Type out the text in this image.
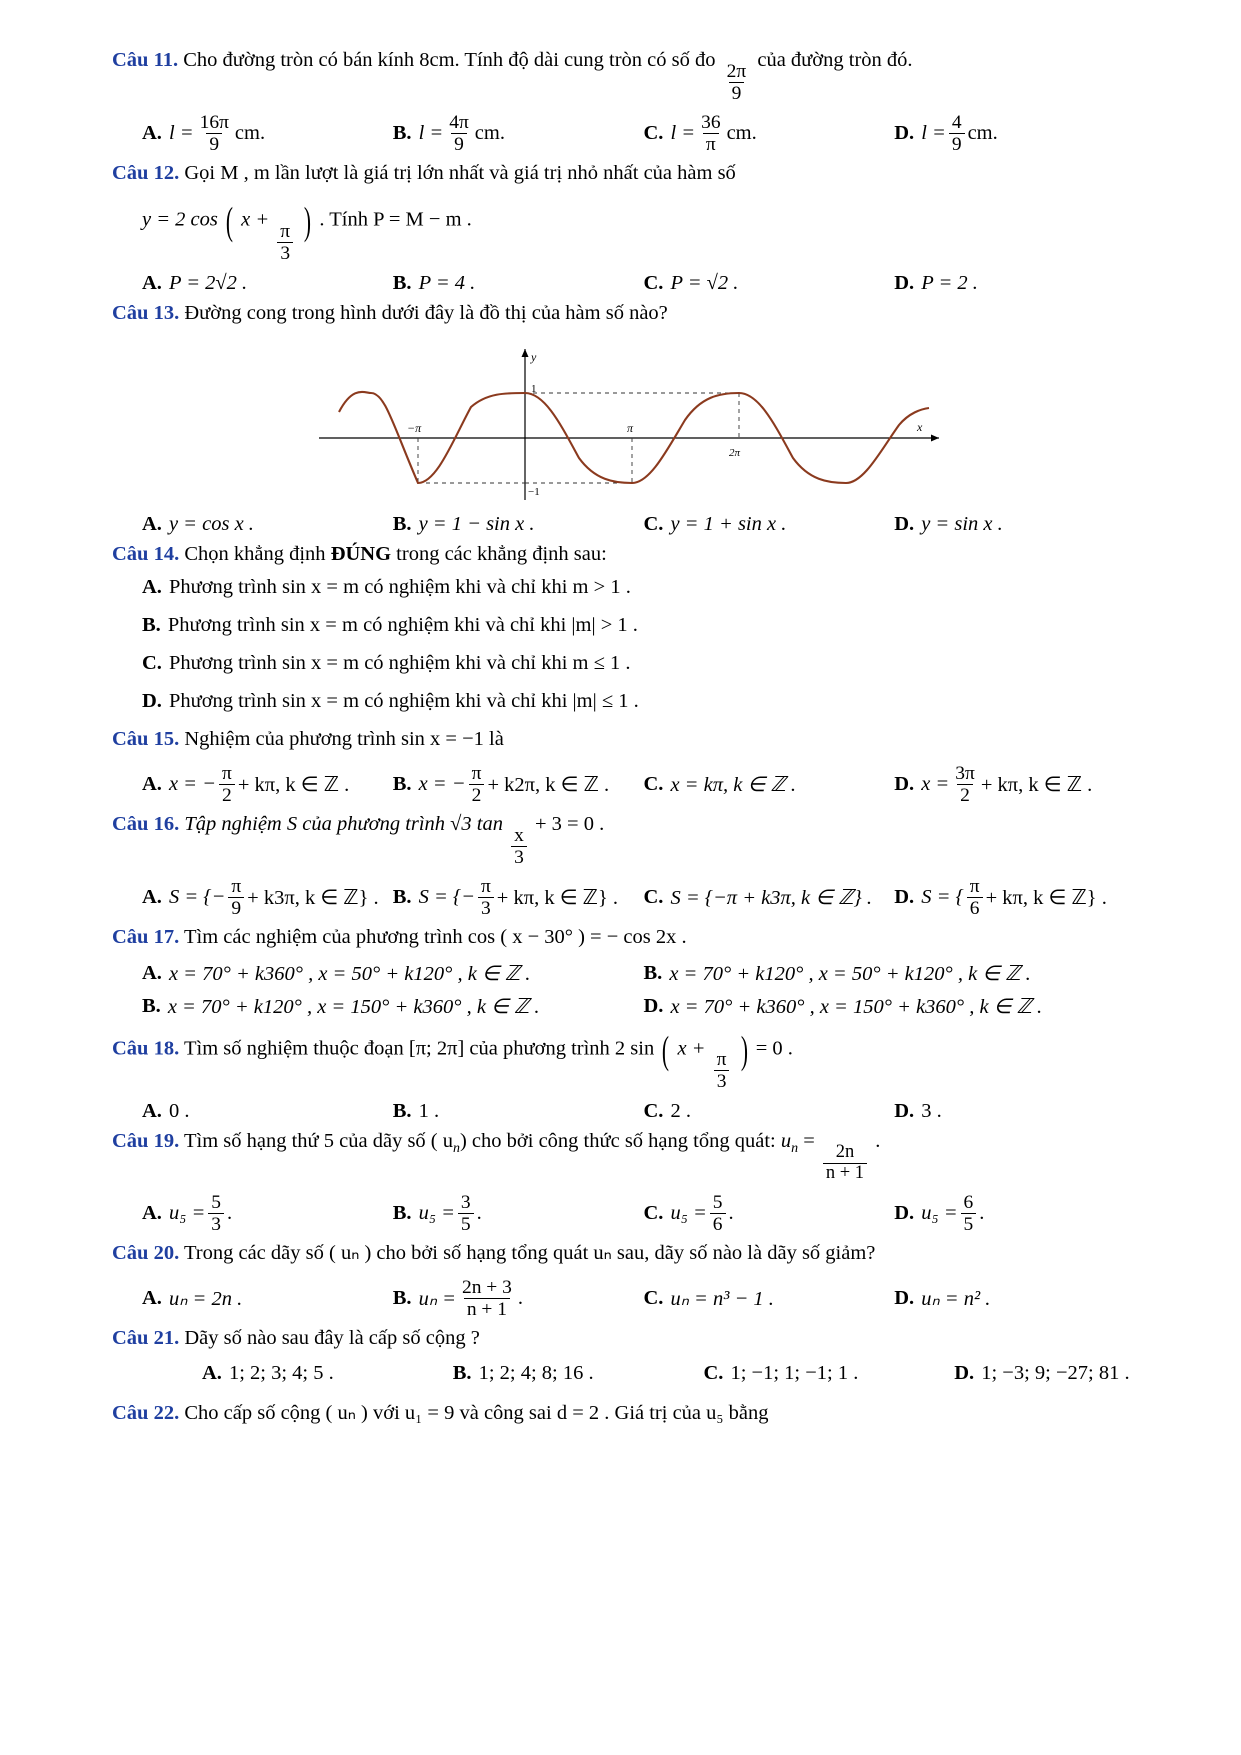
Câu 11. Cho đường tròn có bán kính 8cm. Tính độ dài cung tròn có số đo
$\frac{2\pi}{9}$
của đường tròn đó.
A. $l = \frac{16\pi}{9}$ cm.	B. $l = \frac{4\pi}{9}$ cm.	C. $l = \frac{36}{\pi}$ cm.	D. $l = \frac{4}{9}$ cm.
Câu 12. Gọi M , m lần lượt là giá trị lớn nhất và giá trị nhỏ nhất của hàm số
y = 2 cos ( x +
$\frac{\pi}{3}$ ) . Tính P = M − m .
A. P = 2√2 .	B. P = 4 .	C. P = √2 .	D. P = 2 .
Câu 13. Đường cong trong hình dưới đây là đồ thị của hàm số nào?
1
−1
−π	π
2π
x
y
A. y = cos x .	B. y = 1 − sin x .	C. y = 1 + sin x .	D. y = sin x .
Câu 14. Chọn khẳng định ĐÚNG trong các khẳng định sau:
A. Phương trình sin x = m có nghiệm khi và chỉ khi m > 1 .
B. Phương trình sin x = m có nghiệm khi và chỉ khi |m| > 1 .
C. Phương trình sin x = m có nghiệm khi và chỉ khi m ≤ 1 .
D. Phương trình sin x = m có nghiệm khi và chỉ khi |m| ≤ 1 .
Câu 15. Nghiệm của phương trình sin x = −1 là
A. x = − $\frac{\pi}{2} + k\pi$, k ∈ ℤ . B. x = − $\frac{\pi}{2} + k2\pi$, k ∈ ℤ . C. x = kπ, k ∈ ℤ .	D. $x = \frac{3\pi}{2} + k\pi$, k ∈ ℤ .
Câu 16. Tập nghiệm S của phương trình √3 tan
$\frac{x}{3}$
+ 3 = 0 .
A. S = {− $\frac{\pi}{9} + k3\pi$, k ∈ ℤ} . B. S = {− $\frac{\pi}{3} + k\pi$, k ∈ ℤ} . C. S = {−π + k3π, k ∈ ℤ} . D. S = { $\frac{\pi}{6} + k\pi$, k ∈ ℤ} .
Câu 17. Tìm các nghiệm của phương trình cos ( x − 30° ) = − cos 2x .
A. x = 70° + k360° , x = 50° + k120° , k ∈ ℤ .	B. x = 70° + k120° , x = 50° + k120° , k ∈ ℤ .
B. x = 70° + k120° , x = 150° + k360° , k ∈ ℤ .	D. x = 70° + k360° , x = 150° + k360° , k ∈ ℤ .
Câu 18. Tìm số nghiệm thuộc đoạn [π; 2π] của phương trình 2 sin ( x +
$\frac{\pi}{3}$ ) = 0 .
A. 0 .	B. 1 .	C. 2 .	D. 3 .
Câu 19. Tìm số hạng thứ 5 của dãy số ( $u_n$) cho bởi công thức số hạng tổng quát: $u_n$ =
$\frac{2n}{n + 1}$
.
A. $u_5 = \frac{5}{3}$ .	B. $u_5 = \frac{3}{5}$ .	C. $u_5 = \frac{5}{6}$ .	D. $u_5 = \frac{6}{5}$ .
Câu 20. Trong các dãy số ( uₙ ) cho bởi số hạng tổng quát uₙ sau, dãy số nào là dãy số giảm?
A. uₙ = 2n .	B. $u_n = \frac{2n + 3}{n + 1}$ .	C. uₙ = n³ − 1 .	D. uₙ = n² .
Câu 21. Dãy số nào sau đây là cấp số cộng ?
A. 1; 2; 3; 4; 5 .	B. 1; 2; 4; 8; 16 .	C. 1; −1; 1; −1; 1 .	D. 1; −3; 9; −27; 81 .
Câu 22. Cho cấp số cộng ( uₙ ) với u₁ = 9 và công sai d = 2 . Giá trị của u₅ bằng
